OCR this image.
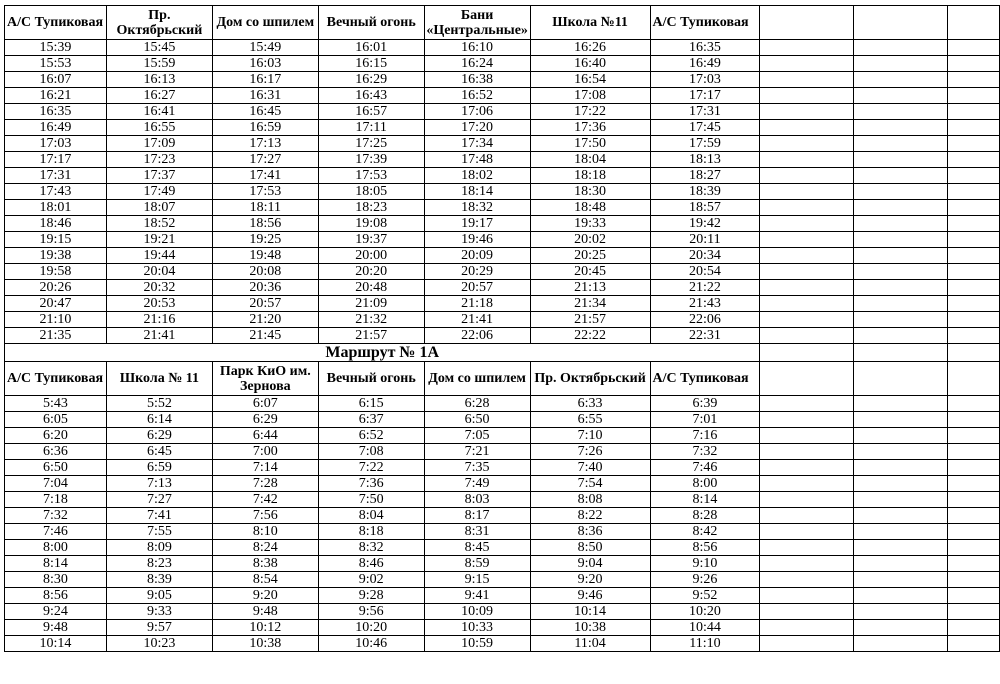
А/С Тупиковая	Пр. Октябрьский	Дом со шпилем	Вечный огонь	Бани «Центральные»	Школа №11	А/С Тупиковая			
15:39	15:45	15:49	16:01	16:10	16:26	16:35			
15:53	15:59	16:03	16:15	16:24	16:40	16:49			
16:07	16:13	16:17	16:29	16:38	16:54	17:03			
16:21	16:27	16:31	16:43	16:52	17:08	17:17			
16:35	16:41	16:45	16:57	17:06	17:22	17:31			
16:49	16:55	16:59	17:11	17:20	17:36	17:45			
17:03	17:09	17:13	17:25	17:34	17:50	17:59			
17:17	17:23	17:27	17:39	17:48	18:04	18:13			
17:31	17:37	17:41	17:53	18:02	18:18	18:27			
17:43	17:49	17:53	18:05	18:14	18:30	18:39			
18:01	18:07	18:11	18:23	18:32	18:48	18:57			
18:46	18:52	18:56	19:08	19:17	19:33	19:42			
19:15	19:21	19:25	19:37	19:46	20:02	20:11			
19:38	19:44	19:48	20:00	20:09	20:25	20:34			
19:58	20:04	20:08	20:20	20:29	20:45	20:54			
20:26	20:32	20:36	20:48	20:57	21:13	21:22			
20:47	20:53	20:57	21:09	21:18	21:34	21:43			
21:10	21:16	21:20	21:32	21:41	21:57	22:06			
21:35	21:41	21:45	21:57	22:06	22:22	22:31			
Маршрут № 1А									
А/С Тупиковая	Школа № 11	Парк КиО им. Зернова	Вечный огонь	Дом со шпилем	Пр. Октябрьский	А/С Тупиковая			
5:43	5:52	6:07	6:15	6:28	6:33	6:39			
6:05	6:14	6:29	6:37	6:50	6:55	7:01			
6:20	6:29	6:44	6:52	7:05	7:10	7:16			
6:36	6:45	7:00	7:08	7:21	7:26	7:32			
6:50	6:59	7:14	7:22	7:35	7:40	7:46			
7:04	7:13	7:28	7:36	7:49	7:54	8:00			
7:18	7:27	7:42	7:50	8:03	8:08	8:14			
7:32	7:41	7:56	8:04	8:17	8:22	8:28			
7:46	7:55	8:10	8:18	8:31	8:36	8:42			
8:00	8:09	8:24	8:32	8:45	8:50	8:56			
8:14	8:23	8:38	8:46	8:59	9:04	9:10			
8:30	8:39	8:54	9:02	9:15	9:20	9:26			
8:56	9:05	9:20	9:28	9:41	9:46	9:52			
9:24	9:33	9:48	9:56	10:09	10:14	10:20			
9:48	9:57	10:12	10:20	10:33	10:38	10:44			
10:14	10:23	10:38	10:46	10:59	11:04	11:10			
